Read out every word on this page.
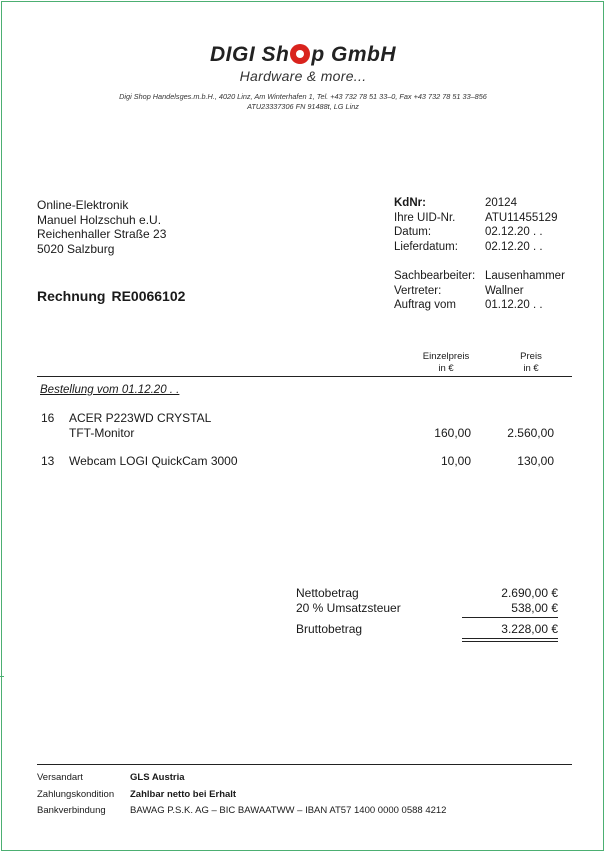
DIGI Sh p GmbH
Hardware & more...
Digi Shop Handelsges.m.b.H., 4020 Linz, Am Winterhafen 1, Tel. +43 732 78 51 33–0, Fax +43 732 78 51 33–856
ATU23337306 FN 91488t, LG Linz
Online-Elektronik
Manuel Holzschuh e.U.
Reichenhaller Straße 23
5020 Salzburg
Rechnung RE0066102
KdNr:	20124
Ihre UID-Nr.	ATU11455129
Datum:	02.12.20 . .
Lieferdatum:	02.12.20 . .
Sachbearbeiter: Lausenhammer
Vertreter:	Wallner
Auftrag vom	01.12.20 . .
Einzelpreis
in €
Preis
in €
Bestellung vom 01.12.20 . .
16 ACER P223WD CRYSTAL
TFT-Monitor	160,00	2.560,00
13 Webcam LOGI QuickCam 3000	10,00	130,00
Nettobetrag	2.690,00 €
20 % Umsatzsteuer	538,00 €
Bruttobetrag	3.228,00 €
Versandart	GLS Austria
Zahlungskondition	Zahlbar netto bei Erhalt
Bankverbindung	BAWAG P.S.K. AG – BIC BAWAATWW – IBAN AT57 1400 0000 0588 4212
